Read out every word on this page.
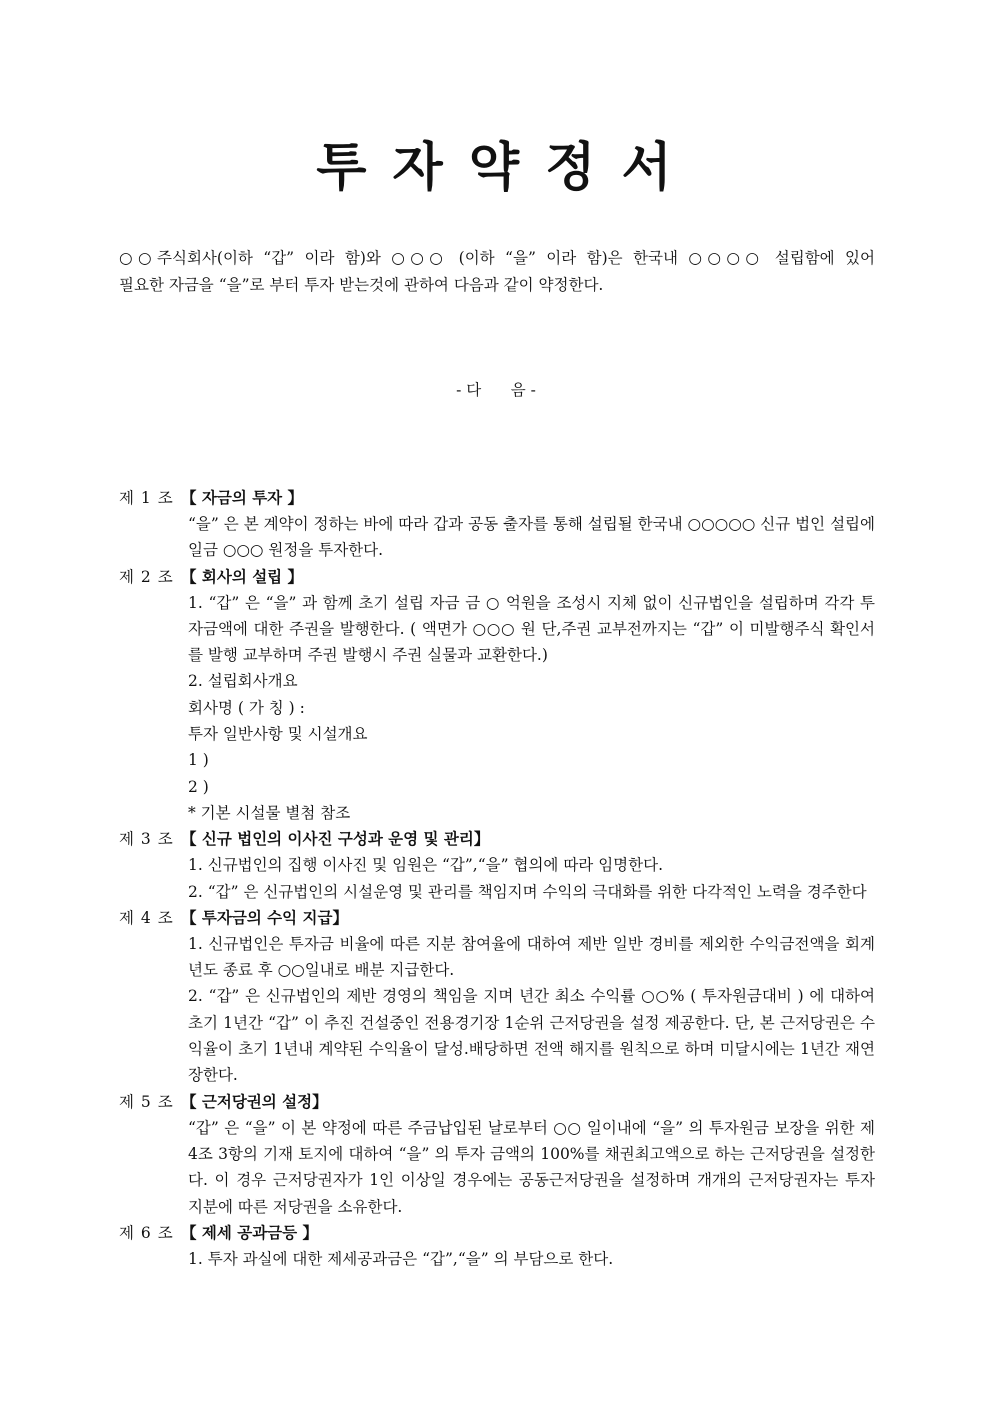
투 자 약 정 서

○○주식회사(이하 “갑” 이라 함)와 ○○○ (이하 “을” 이라 함)은 한국내 ○○○○ 설립함에 있어

필요한 자금을 “을”로 부터 투자 받는것에 관하여 다음과 같이 약정한다.

- 다      음 -
제 1 조 【 자금의 투자 】
“을” 은 본 계약이 정하는 바에 따라 갑과 공동 출자를 통해 설립될 한국내 ○○○○○ 신규 법인 설립에 일금 ○○○ 원정을 투자한다.
제 2 조 【 회사의 설립 】
1. “갑” 은 “을” 과 함께 초기 설립 자금 금 ○ 억원을 조성시 지체 없이 신규법인을 설립하며 각각 투자금액에 대한 주권을 발행한다. ( 액면가 ○○○ 원 단,주권 교부전까지는 “갑” 이 미발행주식 확인서를 발행 교부하며 주권 발행시 주권 실물과 교환한다.)
2. 설립회사개요
회사명 ( 가 칭 ) :
투자 일반사항 및 시설개요
1 )
2 )
* 기본 시설물 별첨 참조
제 3 조 【 신규 법인의 이사진 구성과 운영 및 관리】
1. 신규법인의 집행 이사진 및 임원은 “갑”,“을” 협의에 따라 임명한다.
2. “갑” 은 신규법인의 시설운영 및 관리를 책임지며 수익의 극대화를 위한 다각적인 노력을 경주한다
제 4 조 【 투자금의 수익 지급】
1. 신규법인은 투자금 비율에 따른 지분 참여율에 대하여 제반 일반 경비를 제외한 수익금전액을 회계년도 종료 후 ○○일내로 배분 지급한다.
2. “갑” 은 신규법인의 제반 경영의 책임을 지며 년간 최소 수익률 ○○% ( 투자원금대비 ) 에 대하여 초기 1년간 “갑” 이 추진 건설중인 전용경기장 1순위 근저당권을 설정 제공한다. 단, 본 근저당권은 수익율이 초기 1년내 계약된 수익율이 달성.배당하면 전액 해지를 원칙으로 하며 미달시에는 1년간 재연장한다.
제 5 조 【 근저당권의 설정】
“갑” 은 “을” 이 본 약정에 따른 주금납입된 날로부터 ○○ 일이내에 “을” 의 투자원금 보장을 위한 제4조 3항의 기재 토지에 대하여 “을” 의 투자 금액의 100%를 채권최고액으로 하는 근저당권을 설정한다. 이 경우 근저당권자가 1인 이상일 경우에는 공동근저당권을 설정하며 개개의 근저당권자는 투자 지분에 따른 저당권을 소유한다.
제 6 조 【 제세 공과금등 】
1. 투자 과실에 대한 제세공과금은 “갑”,“을” 의 부담으로 한다.
